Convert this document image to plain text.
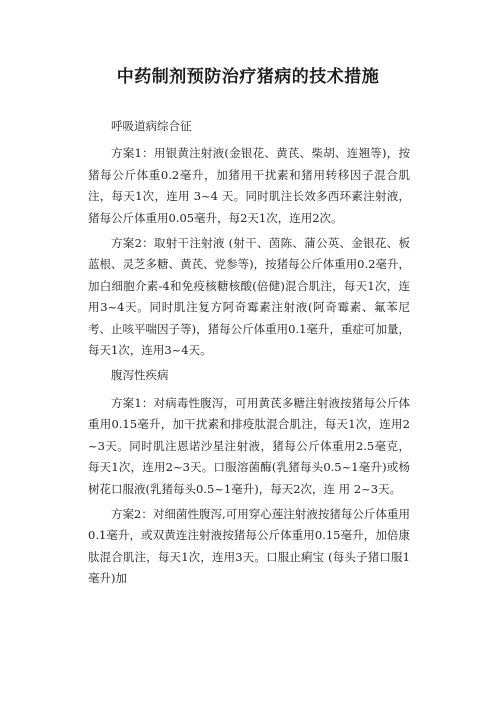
中药制剂预防治疗猪病的技术措施

呼吸道病综合征

方案1：用银黄注射液(金银花、黄芪、柴胡、连翘等)，按猪每公斤体重0.2毫升，加猪用干扰素和猪用转移因子混合肌注，每天1次，连用 3~4 天。同时肌注长效多西环素注射液，猪每公斤体重用0.05毫升，每2天1次，连用2次。

方案2：取射干注射液 (射干、茵陈、蒲公英、金银花、板蓝根、灵芝多糖、黄芪、党参等)，按猪每公斤体重用0.2毫升，加白细胞介素-4和免疫核糖核酸(倍健)混合肌注，每天1次，连用3~4天。同时肌注复方阿奇霉素注射液(阿奇霉素、氟苯尼考、止咳平喘因子等)，猪每公斤体重用0.1毫升，重症可加量，每天1次，连用3~4天。

腹泻性疾病

方案1：对病毒性腹泻，可用黄芪多糖注射液按猪每公斤体重用0.15毫升，加干扰素和排疫肽混合肌注，每天1次，连用2~3天。同时肌注恩诺沙星注射液，猪每公斤体重用2.5毫克，每天1次，连用2~3天。口服溶菌酶(乳猪每头0.5~1毫升)或杨树花口服液(乳猪每头0.5~1毫升)，每天2次，连 用 2~3天。

方案2：对细菌性腹泻,可用穿心莲注射液按猪每公斤体重用0.1毫升，或双黄连注射液按猪每公斤体重用0.15毫升，加倍康肽混合肌注，每天1次，连用3天。口服止痢宝 (每头子猪口服1毫升)加
